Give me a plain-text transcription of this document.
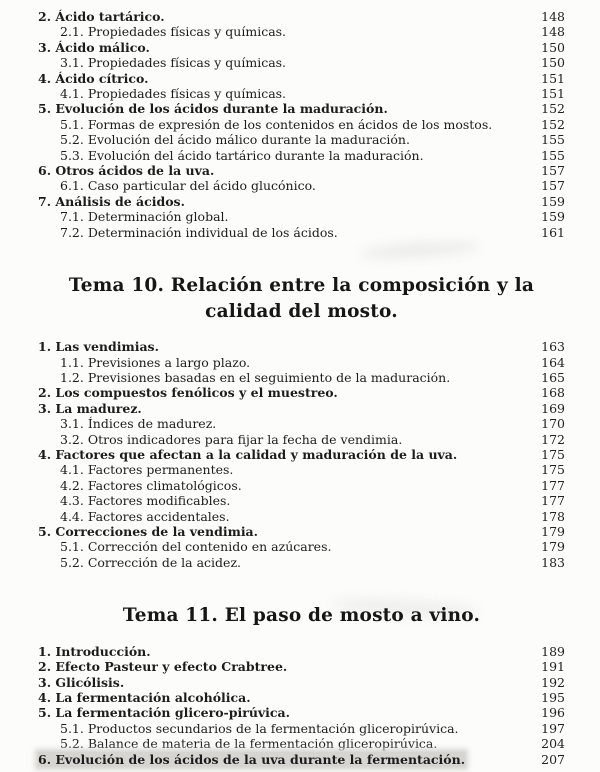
2. Ácido tartárico.	148
2.1. Propiedades físicas y químicas.	148
3. Ácido málico.	150
3.1. Propiedades físicas y químicas.	150
4. Ácido cítrico.	151
4.1. Propiedades físicas y químicas.	151
5. Evolución de los ácidos durante la maduración.	152
5.1. Formas de expresión de los contenidos en ácidos de los mostos.	152
5.2. Evolución del ácido málico durante la maduración.	155
5.3. Evolución del ácido tartárico durante la maduración.	155
6. Otros ácidos de la uva.	157
6.1. Caso particular del ácido glucónico.	157
7. Análisis de ácidos.	159
7.1. Determinación global.	159
7.2. Determinación individual de los ácidos.	161
Tema 10. Relación entre la composición y la calidad del mosto.
1. Las vendimias.	163
1.1. Previsiones a largo plazo.	164
1.2. Previsiones basadas en el seguimiento de la maduración.	165
2. Los compuestos fenólicos y el muestreo.	168
3. La madurez.	169
3.1. Índices de madurez.	170
3.2. Otros indicadores para fijar la fecha de vendimia.	172
4. Factores que afectan a la calidad y maduración de la uva.	175
4.1. Factores permanentes.	175
4.2. Factores climatológicos.	177
4.3. Factores modificables.	177
4.4. Factores accidentales.	178
5. Correcciones de la vendimia.	179
5.1. Corrección del contenido en azúcares.	179
5.2. Corrección de la acidez.	183
Tema 11. El paso de mosto a vino.
1. Introducción.	189
2. Efecto Pasteur y efecto Crabtree.	191
3. Glicólisis.	192
4. La fermentación alcohólica.	195
5. La fermentación glicero-pirúvica.	196
5.1. Productos secundarios de la fermentación gliceropirúvica.	197
5.2. Balance de materia de la fermentación gliceropirúvica.	204
6. Evolución de los ácidos de la uva durante la fermentación.	207
